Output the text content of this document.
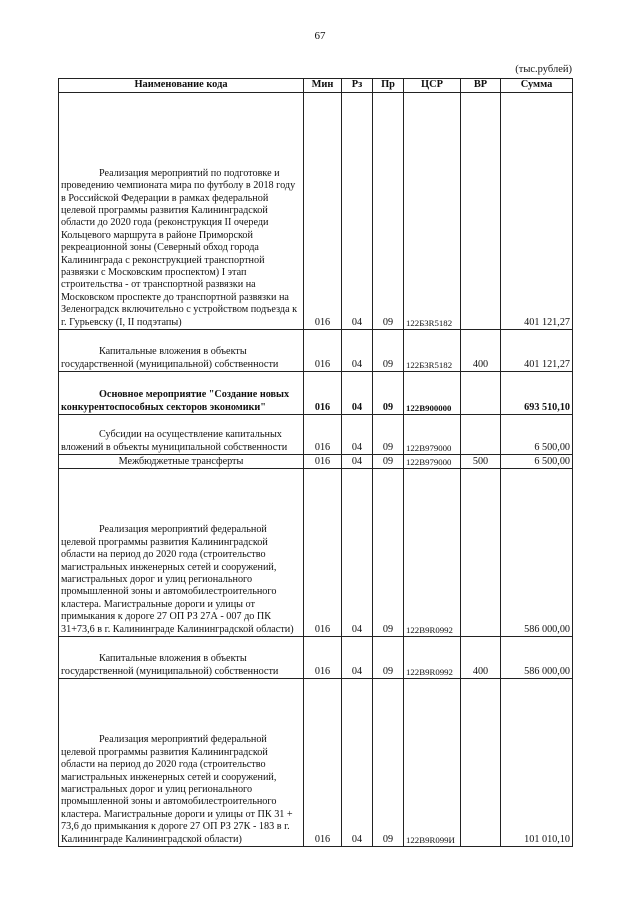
67
(тыс.рублей)
Наименование кода	Мин	Рз	Пр	ЦСР	ВР	Сумма

Реализация мероприятий по подготовке и проведению чемпионата мира по футболу в 2018 году в Российской Федерации в рамках федеральной целевой программы развития Калининградской области до 2020 года (реконструкция II очереди Кольцевого маршрута в районе Приморской рекреационной зоны (Северный обход города Калининграда с реконструкцией транспортной развязки с Московским проспектом) I этап строительства - от транспортной развязки на Московском проспекте до транспортной развязки на Зеленоградск включительно с устройством подъезда к г. Гурьевску (I, II подэтапы)	016	04	09	122Б3R5182		401 121,27

Капитальные вложения в объекты государственной (муниципальной) собственности	016	04	09	122Б3R5182	400	401 121,27

Основное мероприятие "Создание новых конкурентоспособных секторов экономики"	016	04	09	122В900000		693 510,10

Субсидии на осуществление капитальных вложений в объекты муниципальной собственности	016	04	09	122В979000		6 500,00
Межбюджетные трансферты	016	04	09	122В979000	500	6 500,00

Реализация мероприятий федеральной целевой программы развития Калининградской области на период до 2020 года (строительство магистральных инженерных сетей и сооружений, магистральных дорог и улиц регионального промышленной зоны и автомобилестроительного кластера. Магистральные дороги и улицы от примыкания к дороге 27 ОП РЗ 27А - 007 до ПК 31+73,6 в г. Калининграде Калининградской области)	016	04	09	122В9R0992		586 000,00

Капитальные вложения в объекты государственной (муниципальной) собственности	016	04	09	122В9R0992	400	586 000,00

Реализация мероприятий федеральной целевой программы развития Калининградской области на период до 2020 года (строительство магистральных инженерных сетей и сооружений, магистральных дорог и улиц регионального промышленной зоны и автомобилестроительного кластера. Магистральные дороги и улицы от ПК 31 + 73,6 до примыкания к дороге 27 ОП РЗ 27К - 183 в г. Калининграде Калининградской области)	016	04	09	122В9R099И		101 010,10
